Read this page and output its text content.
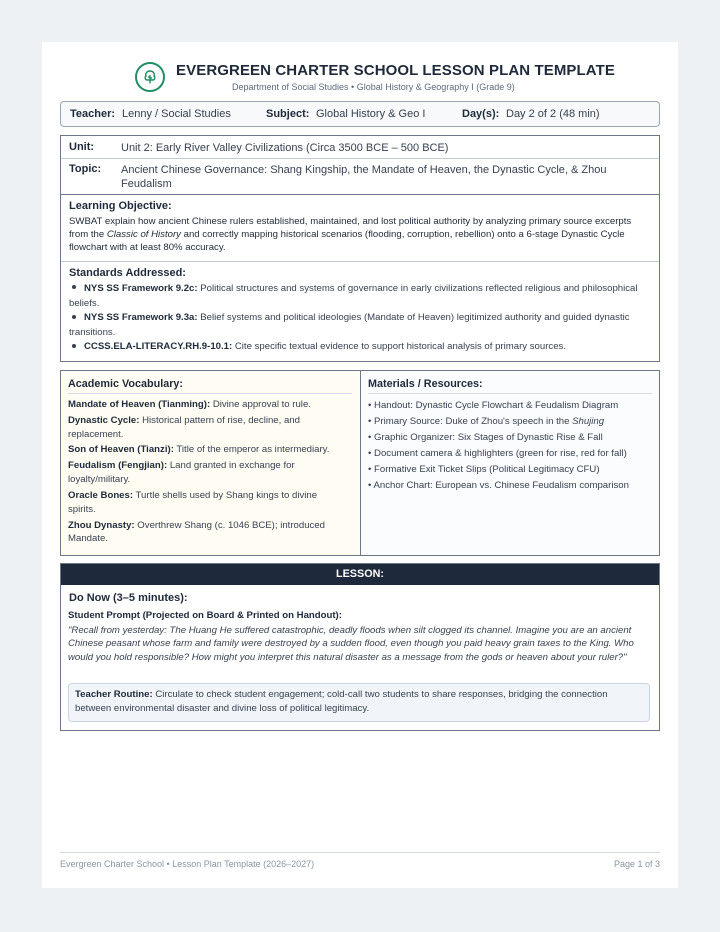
EVERGREEN CHARTER SCHOOL LESSON PLAN TEMPLATE
Department of Social Studies • Global History & Geography I (Grade 9)
Teacher: Lenny / Social Studies	Subject: Global History & Geo I	Day(s): Day 2 of 2 (48 min)
Unit: Unit 2: Early River Valley Civilizations (Circa 3500 BCE – 500 BCE)
Topic: Ancient Chinese Governance: Shang Kingship, the Mandate of Heaven, the Dynastic Cycle, & Zhou Feudalism
Learning Objective:
SWBAT explain how ancient Chinese rulers established, maintained, and lost political authority by analyzing primary source excerpts from the Classic of History and correctly mapping historical scenarios (flooding, corruption, rebellion) onto a 6-stage Dynastic Cycle flowchart with at least 80% accuracy.
Standards Addressed:
NYS SS Framework 9.2c: Political structures and systems of governance in early civilizations reflected religious and philosophical beliefs.
NYS SS Framework 9.3a: Belief systems and political ideologies (Mandate of Heaven) legitimized authority and guided dynastic transitions.
CCSS.ELA-LITERACY.RH.9-10.1: Cite specific textual evidence to support historical analysis of primary sources.
Academic Vocabulary:
Mandate of Heaven (Tianming): Divine approval to rule.
Dynastic Cycle: Historical pattern of rise, decline, and replacement.
Son of Heaven (Tianzi): Title of the emperor as intermediary.
Feudalism (Fengjian): Land granted in exchange for loyalty/military.
Oracle Bones: Turtle shells used by Shang kings to divine spirits.
Zhou Dynasty: Overthrew Shang (c. 1046 BCE); introduced Mandate.
Materials / Resources:
• Handout: Dynastic Cycle Flowchart & Feudalism Diagram
• Primary Source: Duke of Zhou's speech in the Shujing
• Graphic Organizer: Six Stages of Dynastic Rise & Fall
• Document camera & highlighters (green for rise, red for fall)
• Formative Exit Ticket Slips (Political Legitimacy CFU)
• Anchor Chart: European vs. Chinese Feudalism comparison
LESSON:
Do Now (3–5 minutes):
Student Prompt (Projected on Board & Printed on Handout):
"Recall from yesterday: The Huang He suffered catastrophic, deadly floods when silt clogged its channel. Imagine you are an ancient Chinese peasant whose farm and family were destroyed by a sudden flood, even though you paid heavy grain taxes to the King. Who would you hold responsible? How might you interpret this natural disaster as a message from the gods or heaven about your ruler?"
Teacher Routine: Circulate to check student engagement; cold-call two students to share responses, bridging the connection between environmental disaster and divine loss of political legitimacy.
Evergreen Charter School • Lesson Plan Template (2026–2027)	Page 1 of 3
